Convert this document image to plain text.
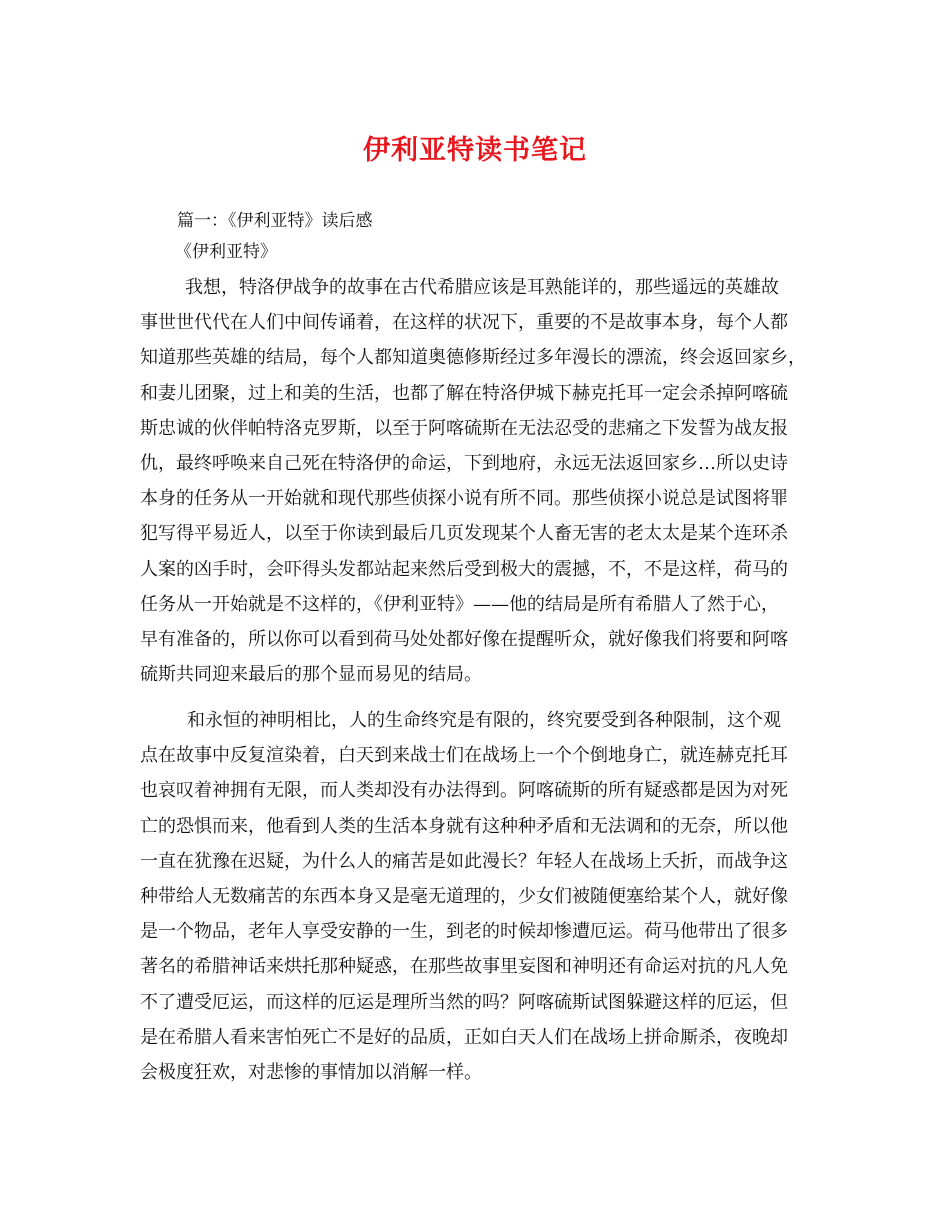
伊利亚特读书笔记
篇一：《伊利亚特》读后感
《伊利亚特》
我想，特洛伊战争的故事在古代希腊应该是耳熟能详的，那些遥远的英雄故
事世世代代在人们中间传诵着，在这样的状况下，重要的不是故事本身，每个人都
知道那些英雄的结局，每个人都知道奥德修斯经过多年漫长的漂流，终会返回家乡，
和妻儿团聚，过上和美的生活，也都了解在特洛伊城下赫克托耳一定会杀掉阿喀硫
斯忠诚的伙伴帕特洛克罗斯，以至于阿喀硫斯在无法忍受的悲痛之下发誓为战友报
仇，最终呼唤来自己死在特洛伊的命运，下到地府，永远无法返回家乡…所以史诗
本身的任务从一开始就和现代那些侦探小说有所不同。那些侦探小说总是试图将罪
犯写得平易近人，以至于你读到最后几页发现某个人畜无害的老太太是某个连环杀
人案的凶手时，会吓得头发都站起来然后受到极大的震撼，不，不是这样，荷马的
任务从一开始就是不这样的，《伊利亚特》——他的结局是所有希腊人了然于心，
早有准备的，所以你可以看到荷马处处都好像在提醒听众，就好像我们将要和阿喀
硫斯共同迎来最后的那个显而易见的结局。
和永恒的神明相比，人的生命终究是有限的，终究要受到各种限制，这个观
点在故事中反复渲染着，白天到来战士们在战场上一个个倒地身亡，就连赫克托耳
也哀叹着神拥有无限，而人类却没有办法得到。阿喀硫斯的所有疑惑都是因为对死
亡的恐惧而来，他看到人类的生活本身就有这种种矛盾和无法调和的无奈，所以他
一直在犹豫在迟疑，为什么人的痛苦是如此漫长？年轻人在战场上夭折，而战争这
种带给人无数痛苦的东西本身又是毫无道理的，少女们被随便塞给某个人，就好像
是一个物品，老年人享受安静的一生，到老的时候却惨遭厄运。荷马他带出了很多
著名的希腊神话来烘托那种疑惑，在那些故事里妄图和神明还有命运对抗的凡人免
不了遭受厄运，而这样的厄运是理所当然的吗？阿喀硫斯试图躲避这样的厄运，但
是在希腊人看来害怕死亡不是好的品质，正如白天人们在战场上拼命厮杀，夜晚却
会极度狂欢，对悲惨的事情加以消解一样。
